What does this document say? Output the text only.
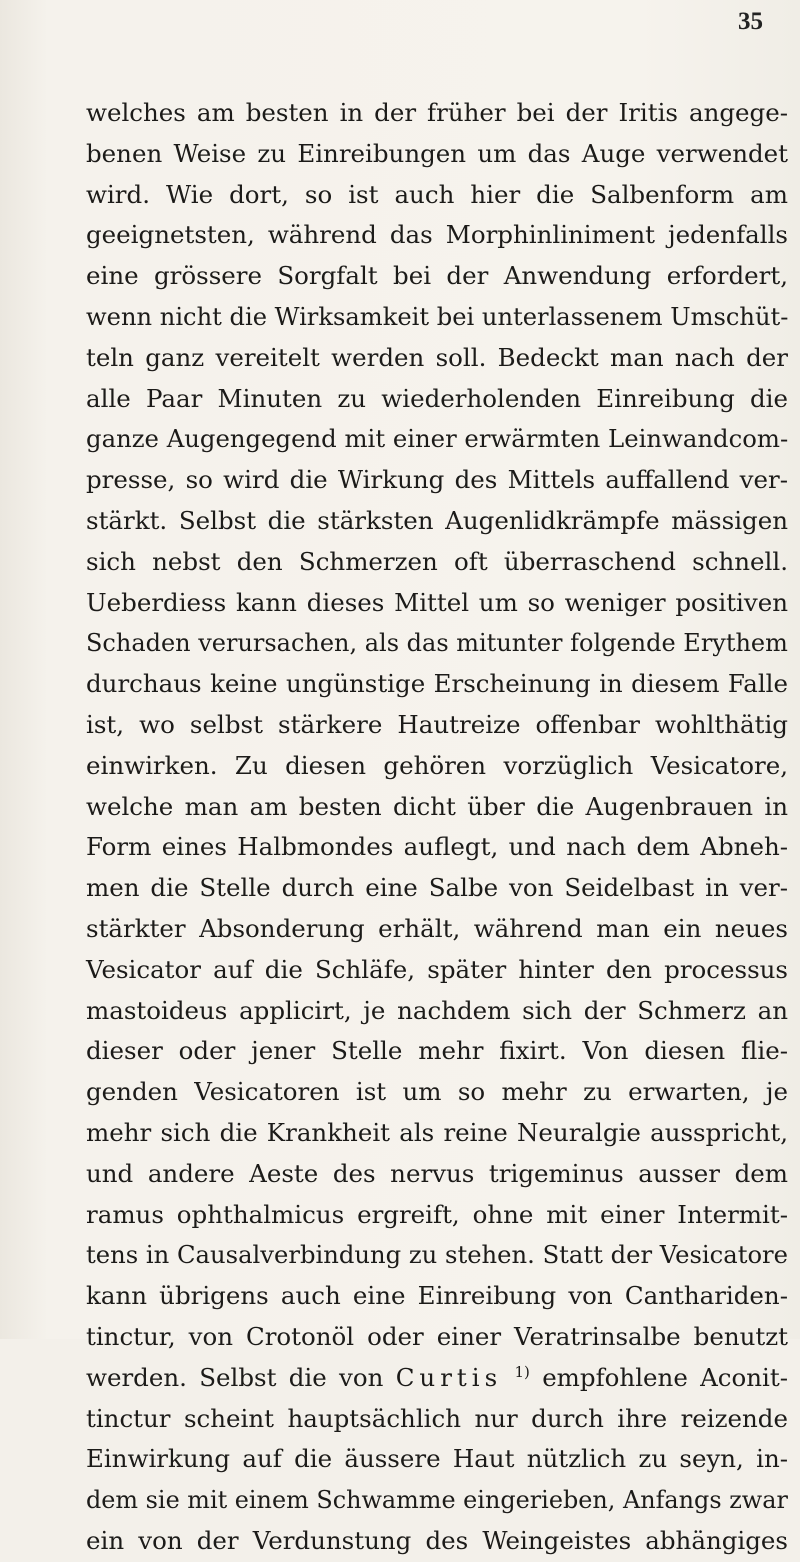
35
welches am besten in der früher bei der Iritis angege-
benen Weise zu Einreibungen um das Auge verwendet
wird. Wie dort, so ist auch hier die Salbenform am
geeignetsten, während das Morphinliniment jedenfalls
eine grössere Sorgfalt bei der Anwendung erfordert,
wenn nicht die Wirksamkeit bei unterlassenem Umschüt-
teln ganz vereitelt werden soll. Bedeckt man nach der
alle Paar Minuten zu wiederholenden Einreibung die
ganze Augengegend mit einer erwärmten Leinwandcom-
presse, so wird die Wirkung des Mittels auffallend ver-
stärkt. Selbst die stärksten Augenlidkrämpfe mässigen
sich nebst den Schmerzen oft überraschend schnell.
Ueberdiess kann dieses Mittel um so weniger positiven
Schaden verursachen, als das mitunter folgende Erythem
durchaus keine ungünstige Erscheinung in diesem Falle
ist, wo selbst stärkere Hautreize offenbar wohlthätig
einwirken. Zu diesen gehören vorzüglich Vesicatore,
welche man am besten dicht über die Augenbrauen in
Form eines Halbmondes auflegt, und nach dem Abneh-
men die Stelle durch eine Salbe von Seidelbast in ver-
stärkter Absonderung erhält, während man ein neues
Vesicator auf die Schläfe, später hinter den processus
mastoideus applicirt, je nachdem sich der Schmerz an
dieser oder jener Stelle mehr fixirt. Von diesen flie-
genden Vesicatoren ist um so mehr zu erwarten, je
mehr sich die Krankheit als reine Neuralgie ausspricht,
und andere Aeste des nervus trigeminus ausser dem
ramus ophthalmicus ergreift, ohne mit einer Intermit-
tens in Causalverbindung zu stehen. Statt der Vesicatore
kann übrigens auch eine Einreibung von Canthariden-
tinctur, von Crotonöl oder einer Veratrinsalbe benutzt
werden. Selbst die von Curtis $^{1)}$ empfohlene Aconit-
tinctur scheint hauptsächlich nur durch ihre reizende
Einwirkung auf die äussere Haut nützlich zu seyn, in-
dem sie mit einem Schwamme eingerieben, Anfangs zwar
ein von der Verdunstung des Weingeistes abhängiges
